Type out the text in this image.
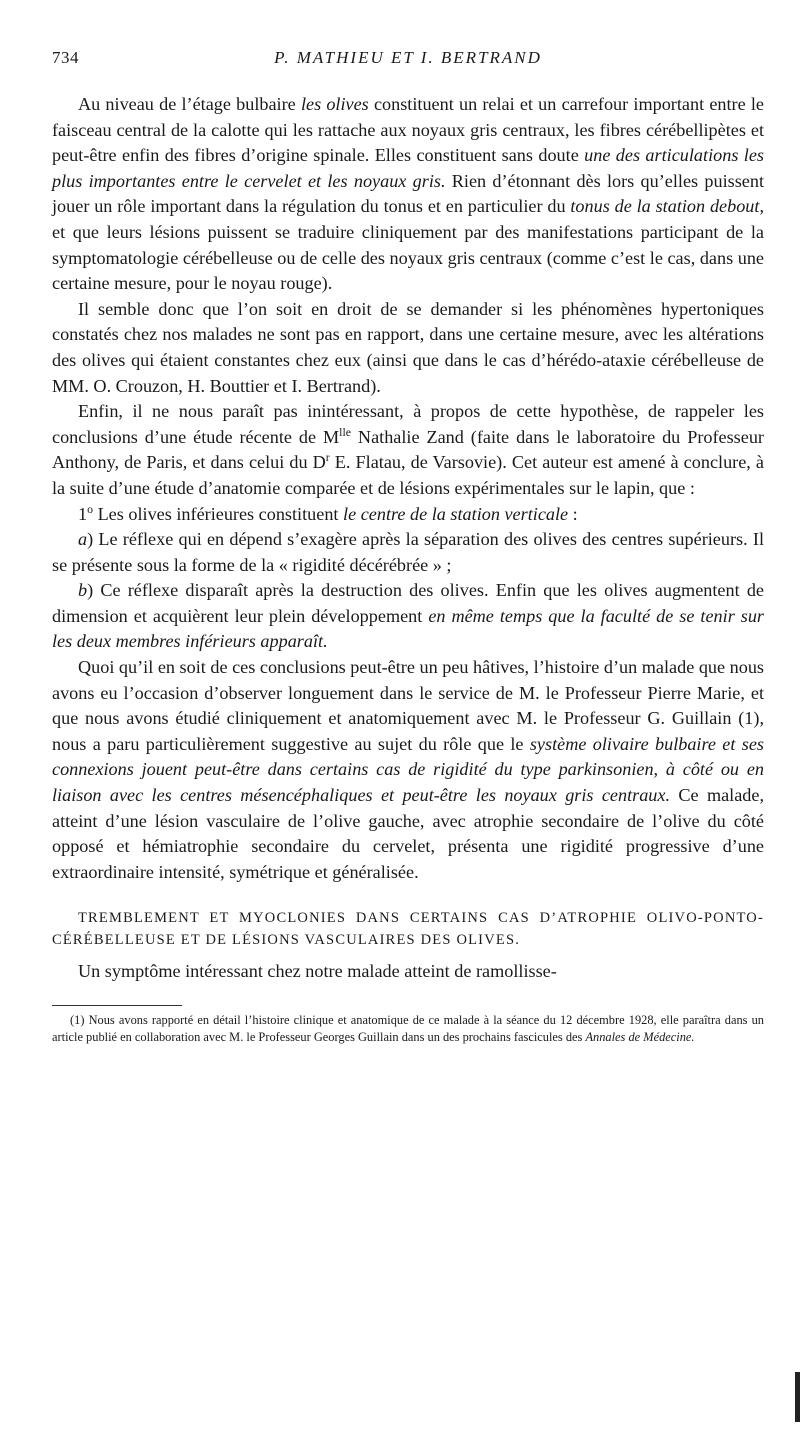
734	P. MATHIEU ET I. BERTRAND

Au niveau de l’étage bulbaire les olives constituent un relai et un carrefour important entre le faisceau central de la calotte qui les rattache aux noyaux gris centraux, les fibres cérébellipètes et peut-être enfin des fibres d’origine spinale. Elles constituent sans doute une des articulations les plus importantes entre le cervelet et les noyaux gris. Rien d’étonnant dès lors qu’elles puissent jouer un rôle important dans la régulation du tonus et en particulier du tonus de la station debout, et que leurs lésions puissent se traduire cliniquement par des manifestations participant de la symptomatologie cérébelleuse ou de celle des noyaux gris centraux (comme c’est le cas, dans une certaine mesure, pour le noyau rouge).

Il semble donc que l’on soit en droit de se demander si les phénomènes hypertoniques constatés chez nos malades ne sont pas en rapport, dans une certaine mesure, avec les altérations des olives qui étaient constantes chez eux (ainsi que dans le cas d’hérédo-ataxie cérébelleuse de MM. O. Crouzon, H. Bouttier et I. Bertrand).

Enfin, il ne nous paraît pas inintéressant, à propos de cette hypothèse, de rappeler les conclusions d’une étude récente de $M^{lle}$ Nathalie Zand (faite dans le laboratoire du Professeur Anthony, de Paris, et dans celui du $D^r$ E. Flatau, de Varsovie). Cet auteur est amené à conclure, à la suite d’une étude d’anatomie comparée et de lésions expérimentales sur le lapin, que :

1$^o$ Les olives inférieures constituent le centre de la station verticale :

a) Le réflexe qui en dépend s’exagère après la séparation des olives des centres supérieurs. Il se présente sous la forme de la « rigidité décérébrée » ;

b) Ce réflexe disparaît après la destruction des olives. Enfin que les olives augmentent de dimension et acquièrent leur plein développement en même temps que la faculté de se tenir sur les deux membres inférieurs apparaît.

Quoi qu’il en soit de ces conclusions peut-être un peu hâtives, l’histoire d’un malade que nous avons eu l’occasion d’observer longuement dans le service de M. le Professeur Pierre Marie, et que nous avons étudié cliniquement et anatomiquement avec M. le Professeur G. Guillain (1), nous a paru particulièrement suggestive au sujet du rôle que le système olivaire bulbaire et ses connexions jouent peut-être dans certains cas de rigidité du type parkinsonien, à côté ou en liaison avec les centres mésencéphaliques et peut-être les noyaux gris centraux. Ce malade, atteint d’une lésion vasculaire de l’olive gauche, avec atrophie secondaire de l’olive du côté opposé et hémiatrophie secondaire du cervelet, présenta une rigidité progressive d’une extraordinaire intensité, symétrique et généralisée.

TREMBLEMENT ET MYOCLONIES DANS CERTAINS CAS D’ATROPHIE OLIVO-PONTO-CÉRÉBELLEUSE ET DE LÉSIONS VASCULAIRES DES OLIVES.

Un symptôme intéressant chez notre malade atteint de ramollisse-

(1) Nous avons rapporté en détail l’histoire clinique et anatomique de ce malade à la séance du 12 décembre 1928, elle paraîtra dans un article publié en collaboration avec M. le Professeur Georges Guillain dans un des prochains fascicules des Annales de Médecine.
